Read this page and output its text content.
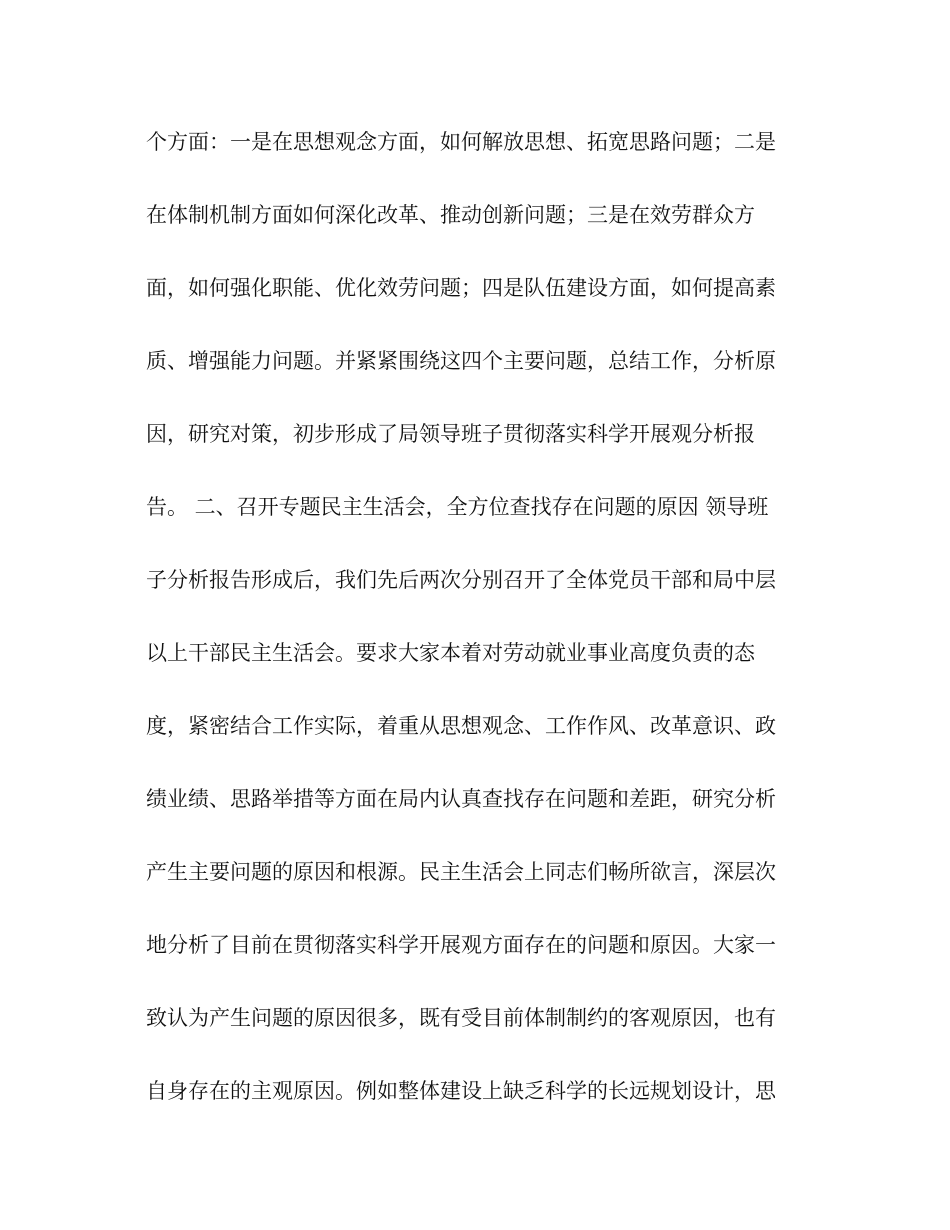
个方面：一是在思想观念方面，如何解放思想、拓宽思路问题；二是
在体制机制方面如何深化改革、推动创新问题；三是在效劳群众方
面，如何强化职能、优化效劳问题；四是队伍建设方面，如何提高素
质、增强能力问题。并紧紧围绕这四个主要问题，总结工作，分析原
因，研究对策，初步形成了局领导班子贯彻落实科学开展观分析报
告。 二、召开专题民主生活会，全方位查找存在问题的原因 领导班
子分析报告形成后，我们先后两次分别召开了全体党员干部和局中层
以上干部民主生活会。要求大家本着对劳动就业事业高度负责的态
度，紧密结合工作实际，着重从思想观念、工作作风、改革意识、政
绩业绩、思路举措等方面在局内认真查找存在问题和差距，研究分析
产生主要问题的原因和根源。民主生活会上同志们畅所欲言，深层次
地分析了目前在贯彻落实科学开展观方面存在的问题和原因。大家一
致认为产生问题的原因很多，既有受目前体制制约的客观原因，也有
自身存在的主观原因。例如整体建设上缺乏科学的长远规划设计，思
